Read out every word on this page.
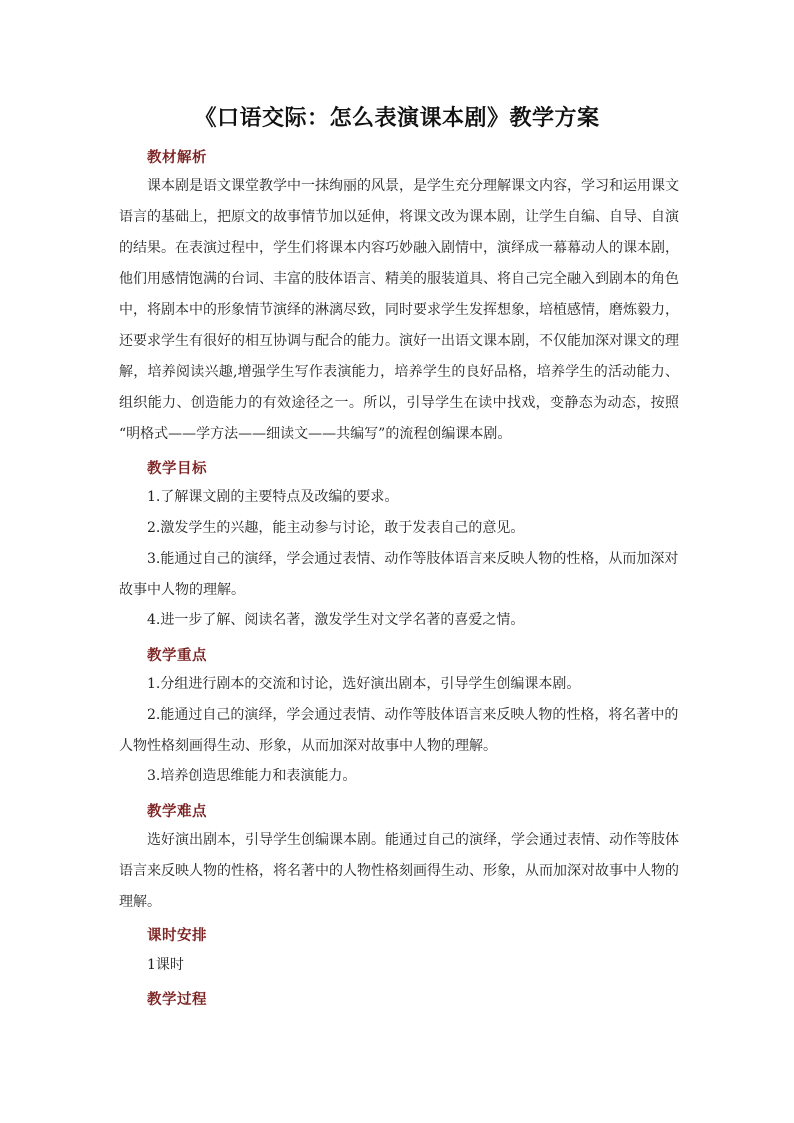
《口语交际：怎么表演课本剧》教学方案
教材解析
课本剧是语文课堂教学中一抹绚丽的风景，是学生充分理解课文内容，学习和运用课文
语言的基础上，把原文的故事情节加以延伸，将课文改为课本剧，让学生自编、自导、自演
的结果。在表演过程中，学生们将课本内容巧妙融入剧情中，演绎成一幕幕动人的课本剧，
他们用感情饱满的台词、丰富的肢体语言、精美的服装道具、将自己完全融入到剧本的角色
中，将剧本中的形象情节演绎的淋漓尽致，同时要求学生发挥想象，培植感情，磨炼毅力，
还要求学生有很好的相互协调与配合的能力。演好一出语文课本剧，不仅能加深对课文的理
解，培养阅读兴趣,增强学生写作表演能力，培养学生的良好品格，培养学生的活动能力、
组织能力、创造能力的有效途径之一。所以，引导学生在读中找戏，变静态为动态，按照
“明格式——学方法——细读文——共编写”的流程创编课本剧。
教学目标
1.了解课文剧的主要特点及改编的要求。
2.激发学生的兴趣，能主动参与讨论，敢于发表自己的意见。
3.能通过自己的演绎，学会通过表情、动作等肢体语言来反映人物的性格，从而加深对
故事中人物的理解。
4.进一步了解、阅读名著，激发学生对文学名著的喜爱之情。
教学重点
1.分组进行剧本的交流和讨论，选好演出剧本，引导学生创编课本剧。
2.能通过自己的演绎，学会通过表情、动作等肢体语言来反映人物的性格，将名著中的
人物性格刻画得生动、形象，从而加深对故事中人物的理解。
3.培养创造思维能力和表演能力。
教学难点
选好演出剧本，引导学生创编课本剧。能通过自己的演绎，学会通过表情、动作等肢体
语言来反映人物的性格，将名著中的人物性格刻画得生动、形象，从而加深对故事中人物的
理解。
课时安排
1课时
教学过程
